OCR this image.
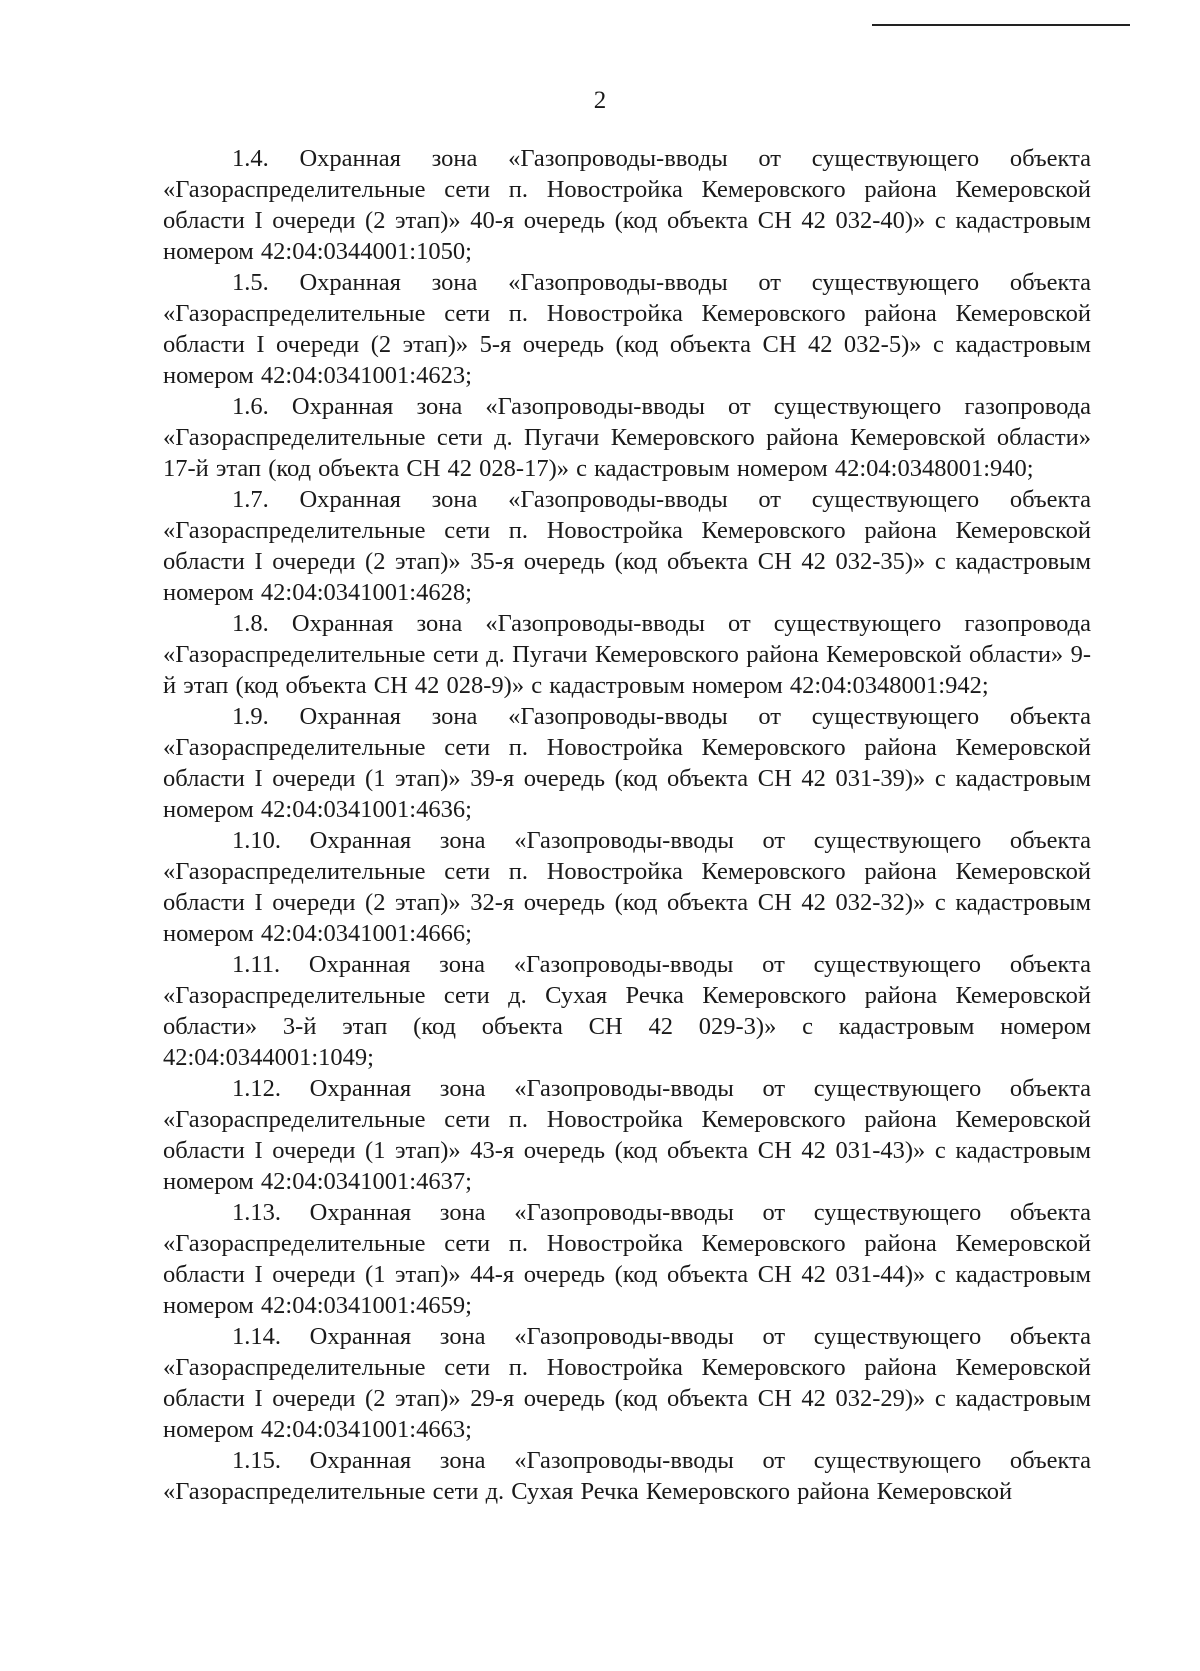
2

1.4. Охранная зона «Газопроводы-вводы от существующего объекта «Газораспределительные сети п. Новостройка Кемеровского района Кемеровской области I очереди (2 этап)» 40-я очередь (код объекта СН 42 032-40)» с кадастровым номером 42:04:0344001:1050;

1.5. Охранная зона «Газопроводы-вводы от существующего объекта «Газораспределительные сети п. Новостройка Кемеровского района Кемеровской области I очереди (2 этап)» 5-я очередь (код объекта СН 42 032-5)» с кадастровым номером 42:04:0341001:4623;

1.6. Охранная зона «Газопроводы-вводы от существующего газопровода «Газораспределительные сети д. Пугачи Кемеровского района Кемеровской области» 17-й этап (код объекта СН 42 028-17)» с кадастровым номером 42:04:0348001:940;

1.7. Охранная зона «Газопроводы-вводы от существующего объекта «Газораспределительные сети п. Новостройка Кемеровского района Кемеровской области I очереди (2 этап)» 35-я очередь (код объекта СН 42 032-35)» с кадастровым номером 42:04:0341001:4628;

1.8. Охранная зона «Газопроводы-вводы от существующего газопровода «Газораспределительные сети д. Пугачи Кемеровского района Кемеровской области» 9-й этап (код объекта СН 42 028-9)» с кадастровым номером 42:04:0348001:942;

1.9. Охранная зона «Газопроводы-вводы от существующего объекта «Газораспределительные сети п. Новостройка Кемеровского района Кемеровской области I очереди (1 этап)» 39-я очередь (код объекта СН 42 031-39)» с кадастровым номером 42:04:0341001:4636;

1.10. Охранная зона «Газопроводы-вводы от существующего объекта «Газораспределительные сети п. Новостройка Кемеровского района Кемеровской области I очереди (2 этап)» 32-я очередь (код объекта СН 42 032-32)» с кадастровым номером 42:04:0341001:4666;

1.11. Охранная зона «Газопроводы-вводы от существующего объекта «Газораспределительные сети д. Сухая Речка Кемеровского района Кемеровской области» 3-й этап (код объекта СН 42 029-3)» с кадастровым номером 42:04:0344001:1049;

1.12. Охранная зона «Газопроводы-вводы от существующего объекта «Газораспределительные сети п. Новостройка Кемеровского района Кемеровской области I очереди (1 этап)» 43-я очередь (код объекта СН 42 031-43)» с кадастровым номером 42:04:0341001:4637;

1.13. Охранная зона «Газопроводы-вводы от существующего объекта «Газораспределительные сети п. Новостройка Кемеровского района Кемеровской области I очереди (1 этап)» 44-я очередь (код объекта СН 42 031-44)» с кадастровым номером 42:04:0341001:4659;

1.14. Охранная зона «Газопроводы-вводы от существующего объекта «Газораспределительные сети п. Новостройка Кемеровского района Кемеровской области I очереди (2 этап)» 29-я очередь (код объекта СН 42 032-29)» с кадастровым номером 42:04:0341001:4663;

1.15. Охранная зона «Газопроводы-вводы от существующего объекта «Газораспределительные сети д. Сухая Речка Кемеровского района Кемеровской
